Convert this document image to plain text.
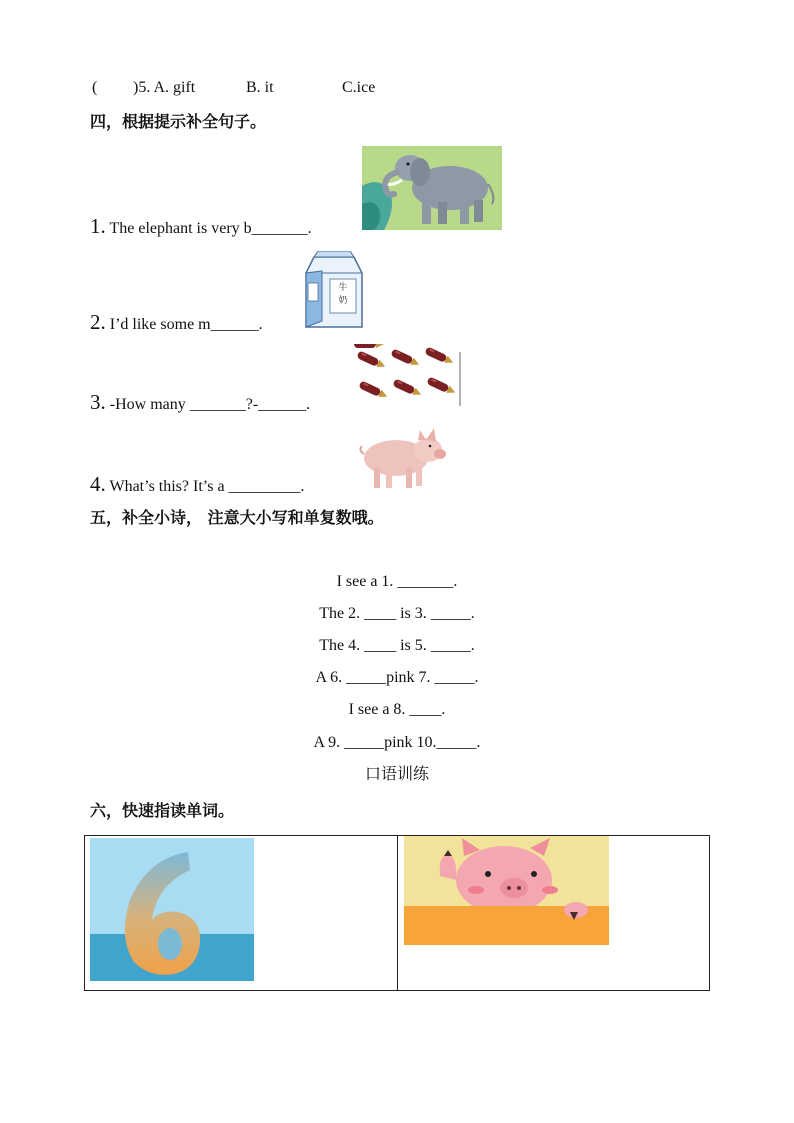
( )5. A. gift	B. it	C.ice
四，根据提示补全句子。
1. The elephant is very b_______.
牛奶
2. I’d like some m______.
3. -How many _______?-______.
4. What’s this? It’s a _________.
五，补全小诗， 注意大小写和单复数哦。
I see a 1. _______.
The 2. ____ is 3. _____.
The 4. ____ is 5. _____.
A 6. _____pink 7. _____.
I see a 8. ____.
A 9. _____pink 10._____.
口语训练
六，快速指读单词。
